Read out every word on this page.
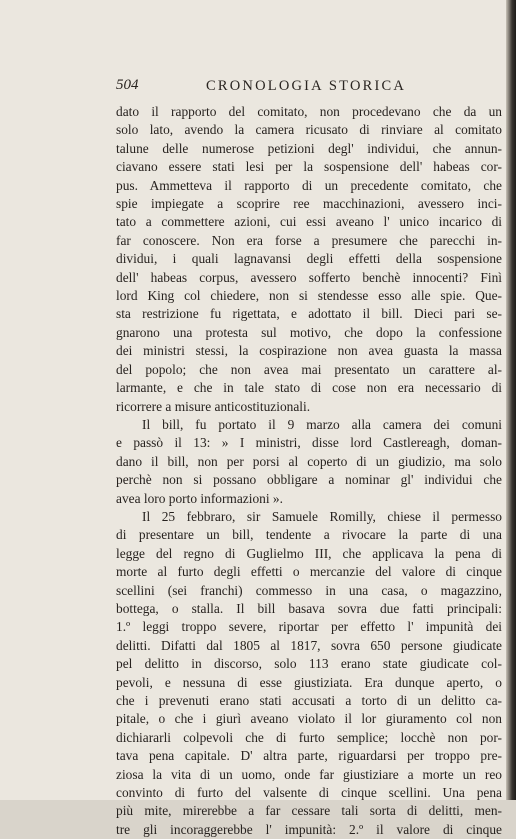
504	CRONOLOGIA STORICA
dato il rapporto del comitato, non procedevano che da un
solo lato, avendo la camera ricusato di rinviare al comitato
talune delle numerose petizioni degl' individui, che annun-
ciavano essere stati lesi per la sospensione dell' habeas cor-
pus. Ammetteva il rapporto di un precedente comitato, che
spie impiegate a scoprire ree macchinazioni, avessero inci-
tato a commettere azioni, cui essi aveano l' unico incarico di
far conoscere. Non era forse a presumere che parecchi in-
dividui, i quali lagnavansi degli effetti della sospensione
dell' habeas corpus, avessero sofferto benchè innocenti? Finì
lord King col chiedere, non si stendesse esso alle spie. Que-
sta restrizione fu rigettata, e adottato il bill. Dieci pari se-
gnarono una protesta sul motivo, che dopo la confessione
dei ministri stessi, la cospirazione non avea guasta la massa
del popolo; che non avea mai presentato un carattere al-
larmante, e che in tale stato di cose non era necessario di
ricorrere a misure anticostituzionali.
Il bill, fu portato il 9 marzo alla camera dei comuni
e passò il 13: » I ministri, disse lord Castlereagh, doman-
dano il bill, non per porsi al coperto di un giudizio, ma solo
perchè non si possano obbligare a nominar gl' individui che
avea loro porto informazioni ».
Il 25 febbraro, sir Samuele Romilly, chiese il permesso
di presentare un bill, tendente a rivocare la parte di una
legge del regno di Guglielmo III, che applicava la pena di
morte al furto degli effetti o mercanzie del valore di cinque
scellini (sei franchi) commesso in una casa, o magazzino,
bottega, o stalla. Il bill basava sovra due fatti principali:
1.º leggi troppo severe, riportar per effetto l' impunità dei
delitti. Difatti dal 1805 al 1817, sovra 650 persone giudicate
pel delitto in discorso, solo 113 erano state giudicate col-
pevoli, e nessuna di esse giustiziata. Era dunque aperto, o
che i prevenuti erano stati accusati a torto di un delitto ca-
pitale, o che i giurì aveano violato il lor giuramento col non
dichiararli colpevoli che di furto semplice; locchè non por-
tava pena capitale. D' altra parte, riguardarsi per troppo pre-
ziosa la vita di un uomo, onde far giustiziare a morte un reo
convinto di furto del valsente di cinque scellini. Una pena
più mite, mirerebbe a far cessare tali sorta di delitti, men-
tre gli incoraggerebbe l' impunità: 2.º il valore di cinque
